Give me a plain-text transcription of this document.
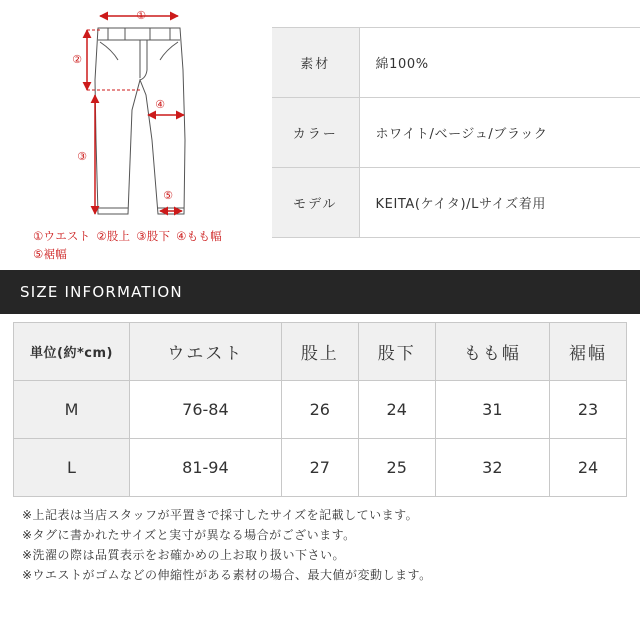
①
②
③
④
⑤
①ウエスト ②股上 ③股下 ④もも幅
⑤裾幅
素材	綿100%
カラー	ホワイト/ベージュ/ブラック
モデル	KEITA(ケイタ)/Lサイズ着用
SIZE INFORMATION
単位(約*cm)	ウエスト	股上	股下	もも幅	裾幅
M	76-84	26	24	31	23
L	81-94	27	25	32	24
※上記表は当店スタッフが平置きで採寸したサイズを記載しています。
※タグに書かれたサイズと実寸が異なる場合がございます。
※洗濯の際は品質表示をお確かめの上お取り扱い下さい。
※ウエストがゴムなどの伸縮性がある素材の場合、最大値が変動します。
